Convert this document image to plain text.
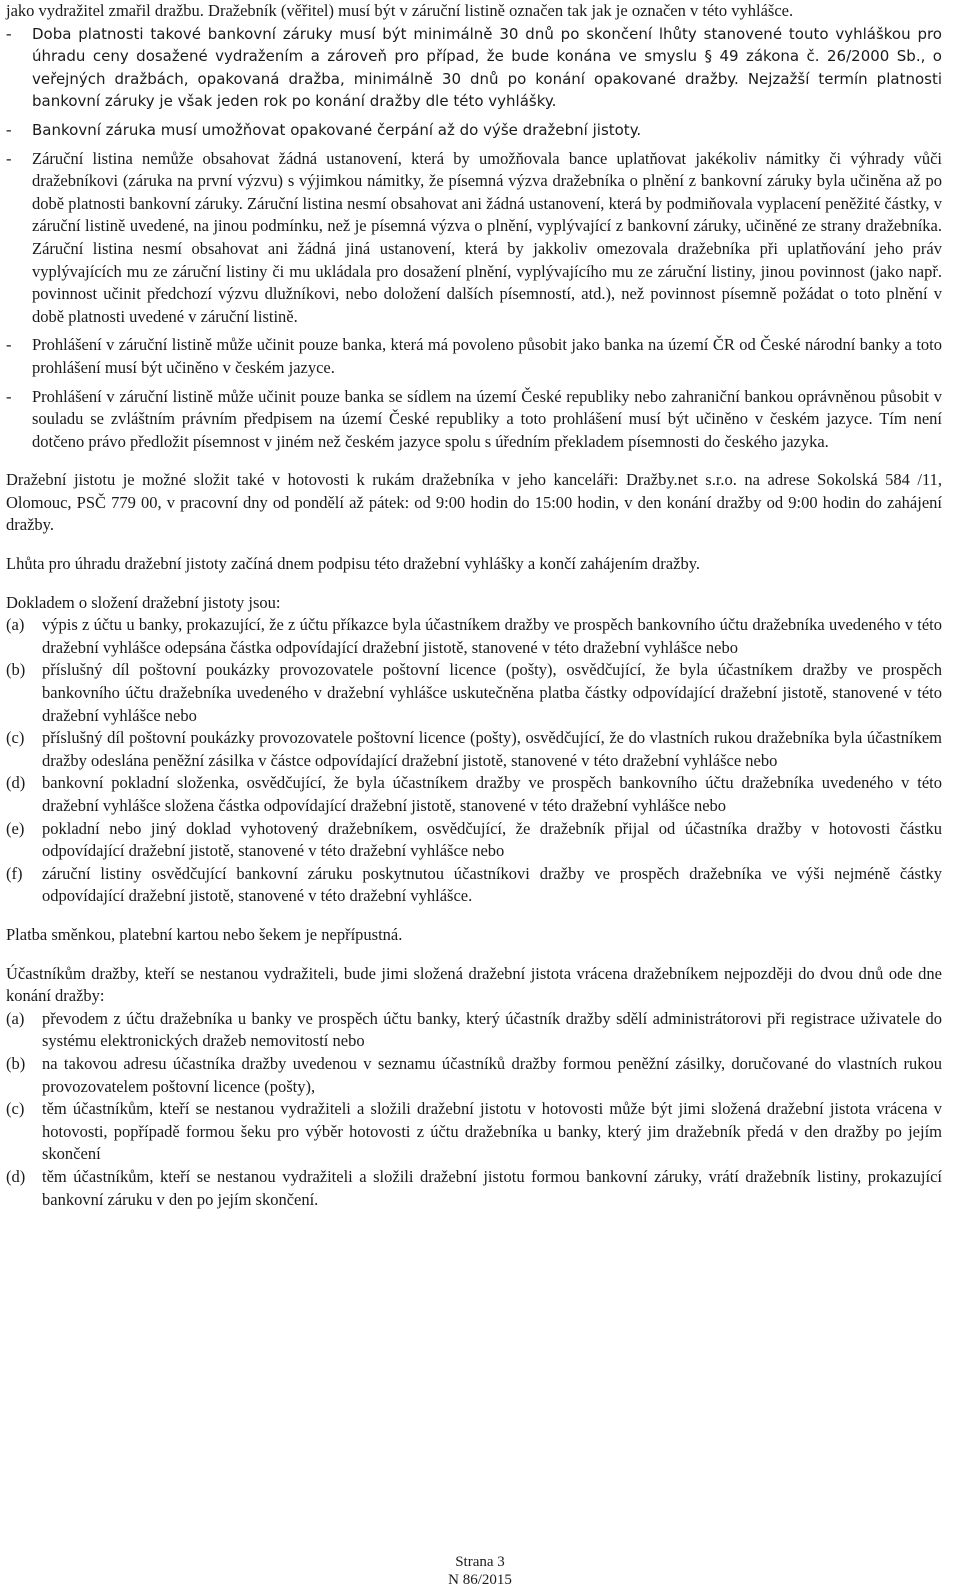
jako vydražitel zmařil dražbu. Dražebník (věřitel) musí být v záruční listině označen tak jak je označen v této vyhlášce.

-	Doba platnosti takové bankovní záruky musí být minimálně 30 dnů po skončení lhůty stanovené touto vyhláškou pro úhradu ceny dosažené vydražením a zároveň pro případ, že bude konána ve smyslu § 49 zákona č. 26/2000 Sb., o veřejných dražbách, opakovaná dražba, minimálně 30 dnů po konání opakované dražby. Nejzažší termín platnosti bankovní záruky je však jeden rok po konání dražby dle této vyhlášky.

-	Bankovní záruka musí umožňovat opakované čerpání až do výše dražební jistoty.

-	Záruční listina nemůže obsahovat žádná ustanovení, která by umožňovala bance uplatňovat jakékoliv námitky či výhrady vůči dražebníkovi (záruka na první výzvu) s výjimkou námitky, že písemná výzva dražebníka o plnění z bankovní záruky byla učiněna až po době platnosti bankovní záruky. Záruční listina nesmí obsahovat ani žádná ustanovení, která by podmiňovala vyplacení peněžité částky, v záruční listině uvedené, na jinou podmínku, než je písemná výzva o plnění, vyplývající z bankovní záruky, učiněné ze strany dražebníka. Záruční listina nesmí obsahovat ani žádná jiná ustanovení, která by jakkoliv omezovala dražebníka při uplatňování jeho práv vyplývajících mu ze záruční listiny či mu ukládala pro dosažení plnění, vyplývajícího mu ze záruční listiny, jinou povinnost (jako např. povinnost učinit předchozí výzvu dlužníkovi, nebo doložení dalších písemností, atd.), než povinnost písemně požádat o toto plnění v době platnosti uvedené v záruční listině.

-	Prohlášení v záruční listině může učinit pouze banka, která má povoleno působit jako banka na území ČR od České národní banky a toto prohlášení musí být učiněno v českém jazyce.

-	Prohlášení v záruční listině může učinit pouze banka se sídlem na území České republiky nebo zahraniční bankou oprávněnou působit v souladu se zvláštním právním předpisem na území České republiky a toto prohlášení musí být učiněno v českém jazyce. Tím není dotčeno právo předložit písemnost v jiném než českém jazyce spolu s úředním překladem písemnosti do českého jazyka.

Dražební jistotu je možné složit také v hotovosti k rukám dražebníka v jeho kanceláři: Dražby.net s.r.o. na adrese Sokolská 584 /11, Olomouc, PSČ 779 00, v pracovní dny od pondělí až pátek: od 9:00 hodin do 15:00 hodin, v den konání dražby od 9:00 hodin do zahájení dražby.

Lhůta pro úhradu dražební jistoty začíná dnem podpisu této dražební vyhlášky a končí zahájením dražby.

Dokladem o složení dražební jistoty jsou:

(a)	výpis z účtu u banky, prokazující, že z účtu příkazce byla účastníkem dražby ve prospěch bankovního účtu dražebníka uvedeného v této dražební vyhlášce odepsána částka odpovídající dražební jistotě, stanovené v této dražební vyhlášce nebo

(b)	příslušný díl poštovní poukázky provozovatele poštovní licence (pošty), osvědčující, že byla účastníkem dražby ve prospěch bankovního účtu dražebníka uvedeného v dražební vyhlášce uskutečněna platba částky odpovídající dražební jistotě, stanovené v této dražební vyhlášce nebo

(c)	příslušný díl poštovní poukázky provozovatele poštovní licence (pošty), osvědčující, že do vlastních rukou dražebníka byla účastníkem dražby odeslána peněžní zásilka v částce odpovídající dražební jistotě, stanovené v této dražební vyhlášce nebo

(d)	bankovní pokladní složenka, osvědčující, že byla účastníkem dražby ve prospěch bankovního účtu dražebníka uvedeného v této dražební vyhlášce složena částka odpovídající dražební jistotě, stanovené v této dražební vyhlášce nebo

(e)	pokladní nebo jiný doklad vyhotovený dražebníkem, osvědčující, že dražebník přijal od účastníka dražby v hotovosti částku odpovídající dražební jistotě, stanovené v této dražební vyhlášce nebo

(f)	záruční listiny osvědčující bankovní záruku poskytnutou účastníkovi dražby ve prospěch dražebníka ve výši nejméně částky odpovídající dražební jistotě, stanovené v této dražební vyhlášce.

Platba směnkou, platební kartou nebo šekem je nepřípustná.

Účastníkům dražby, kteří se nestanou vydražiteli, bude jimi složená dražební jistota vrácena dražebníkem nejpozději do dvou dnů ode dne konání dražby:

(a)	převodem z účtu dražebníka u banky ve prospěch účtu banky, který účastník dražby sdělí administrátorovi při registrace uživatele do systému elektronických dražeb nemovitostí nebo

(b)	na takovou adresu účastníka dražby uvedenou v seznamu účastníků dražby formou peněžní zásilky, doručované do vlastních rukou provozovatelem poštovní licence (pošty),

(c)	těm účastníkům, kteří se nestanou vydražiteli a složili dražební jistotu v hotovosti může být jimi složená dražební jistota vrácena v hotovosti, popřípadě formou šeku pro výběr hotovosti z účtu dražebníka u banky, který jim dražebník předá v den dražby po jejím skončení

(d)	těm účastníkům, kteří se nestanou vydražiteli a složili dražební jistotu formou bankovní záruky, vrátí dražebník listiny, prokazující bankovní záruku v den po jejím skončení.

Strana 3
N 86/2015
